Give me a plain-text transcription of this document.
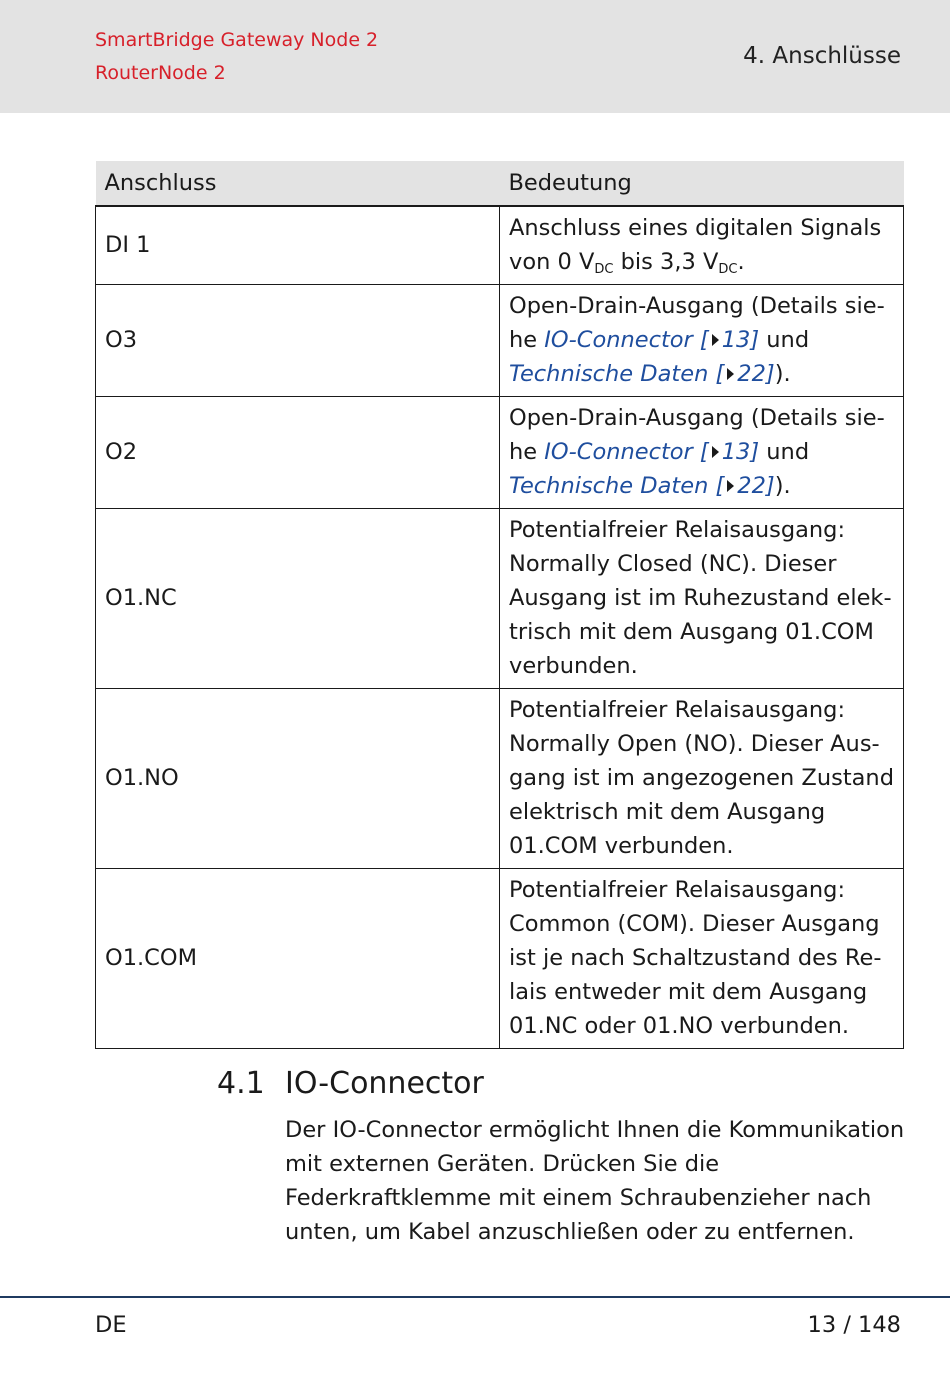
SmartBridge Gateway Node 2
RouterNode 2
4. Anschlüsse
Anschluss	Bedeutung
DI 1	Anschluss eines digitalen Signals von 0 $V_{DC}$ bis 3,3 $V_{DC}$.
O3	Open-Drain-Ausgang (Details siehe IO-Connector [ 13] und Technische Daten [ 22]).
O2	Open-Drain-Ausgang (Details siehe IO-Connector [ 13] und Technische Daten [ 22]).
O1.NC	Potentialfreier Relaisausgang: Normally Closed (NC). Dieser Ausgang ist im Ruhezustand elektrisch mit dem Ausgang 01.COM verbunden.
O1.NO	Potentialfreier Relaisausgang: Normally Open (NO). Dieser Ausgang ist im angezogenen Zustand elektrisch mit dem Ausgang 01.COM verbunden.
O1.COM	Potentialfreier Relaisausgang: Common (COM). Dieser Ausgang ist je nach Schaltzustand des Relais entweder mit dem Ausgang 01.NC oder 01.NO verbunden.
4.1 IO-Connector
Der IO-Connector ermöglicht Ihnen die Kommunikation mit externen Geräten. Drücken Sie die Federkraftklemme mit einem Schraubenzieher nach unten, um Kabel anzuschließen oder zu entfernen.
DE	13 / 148
